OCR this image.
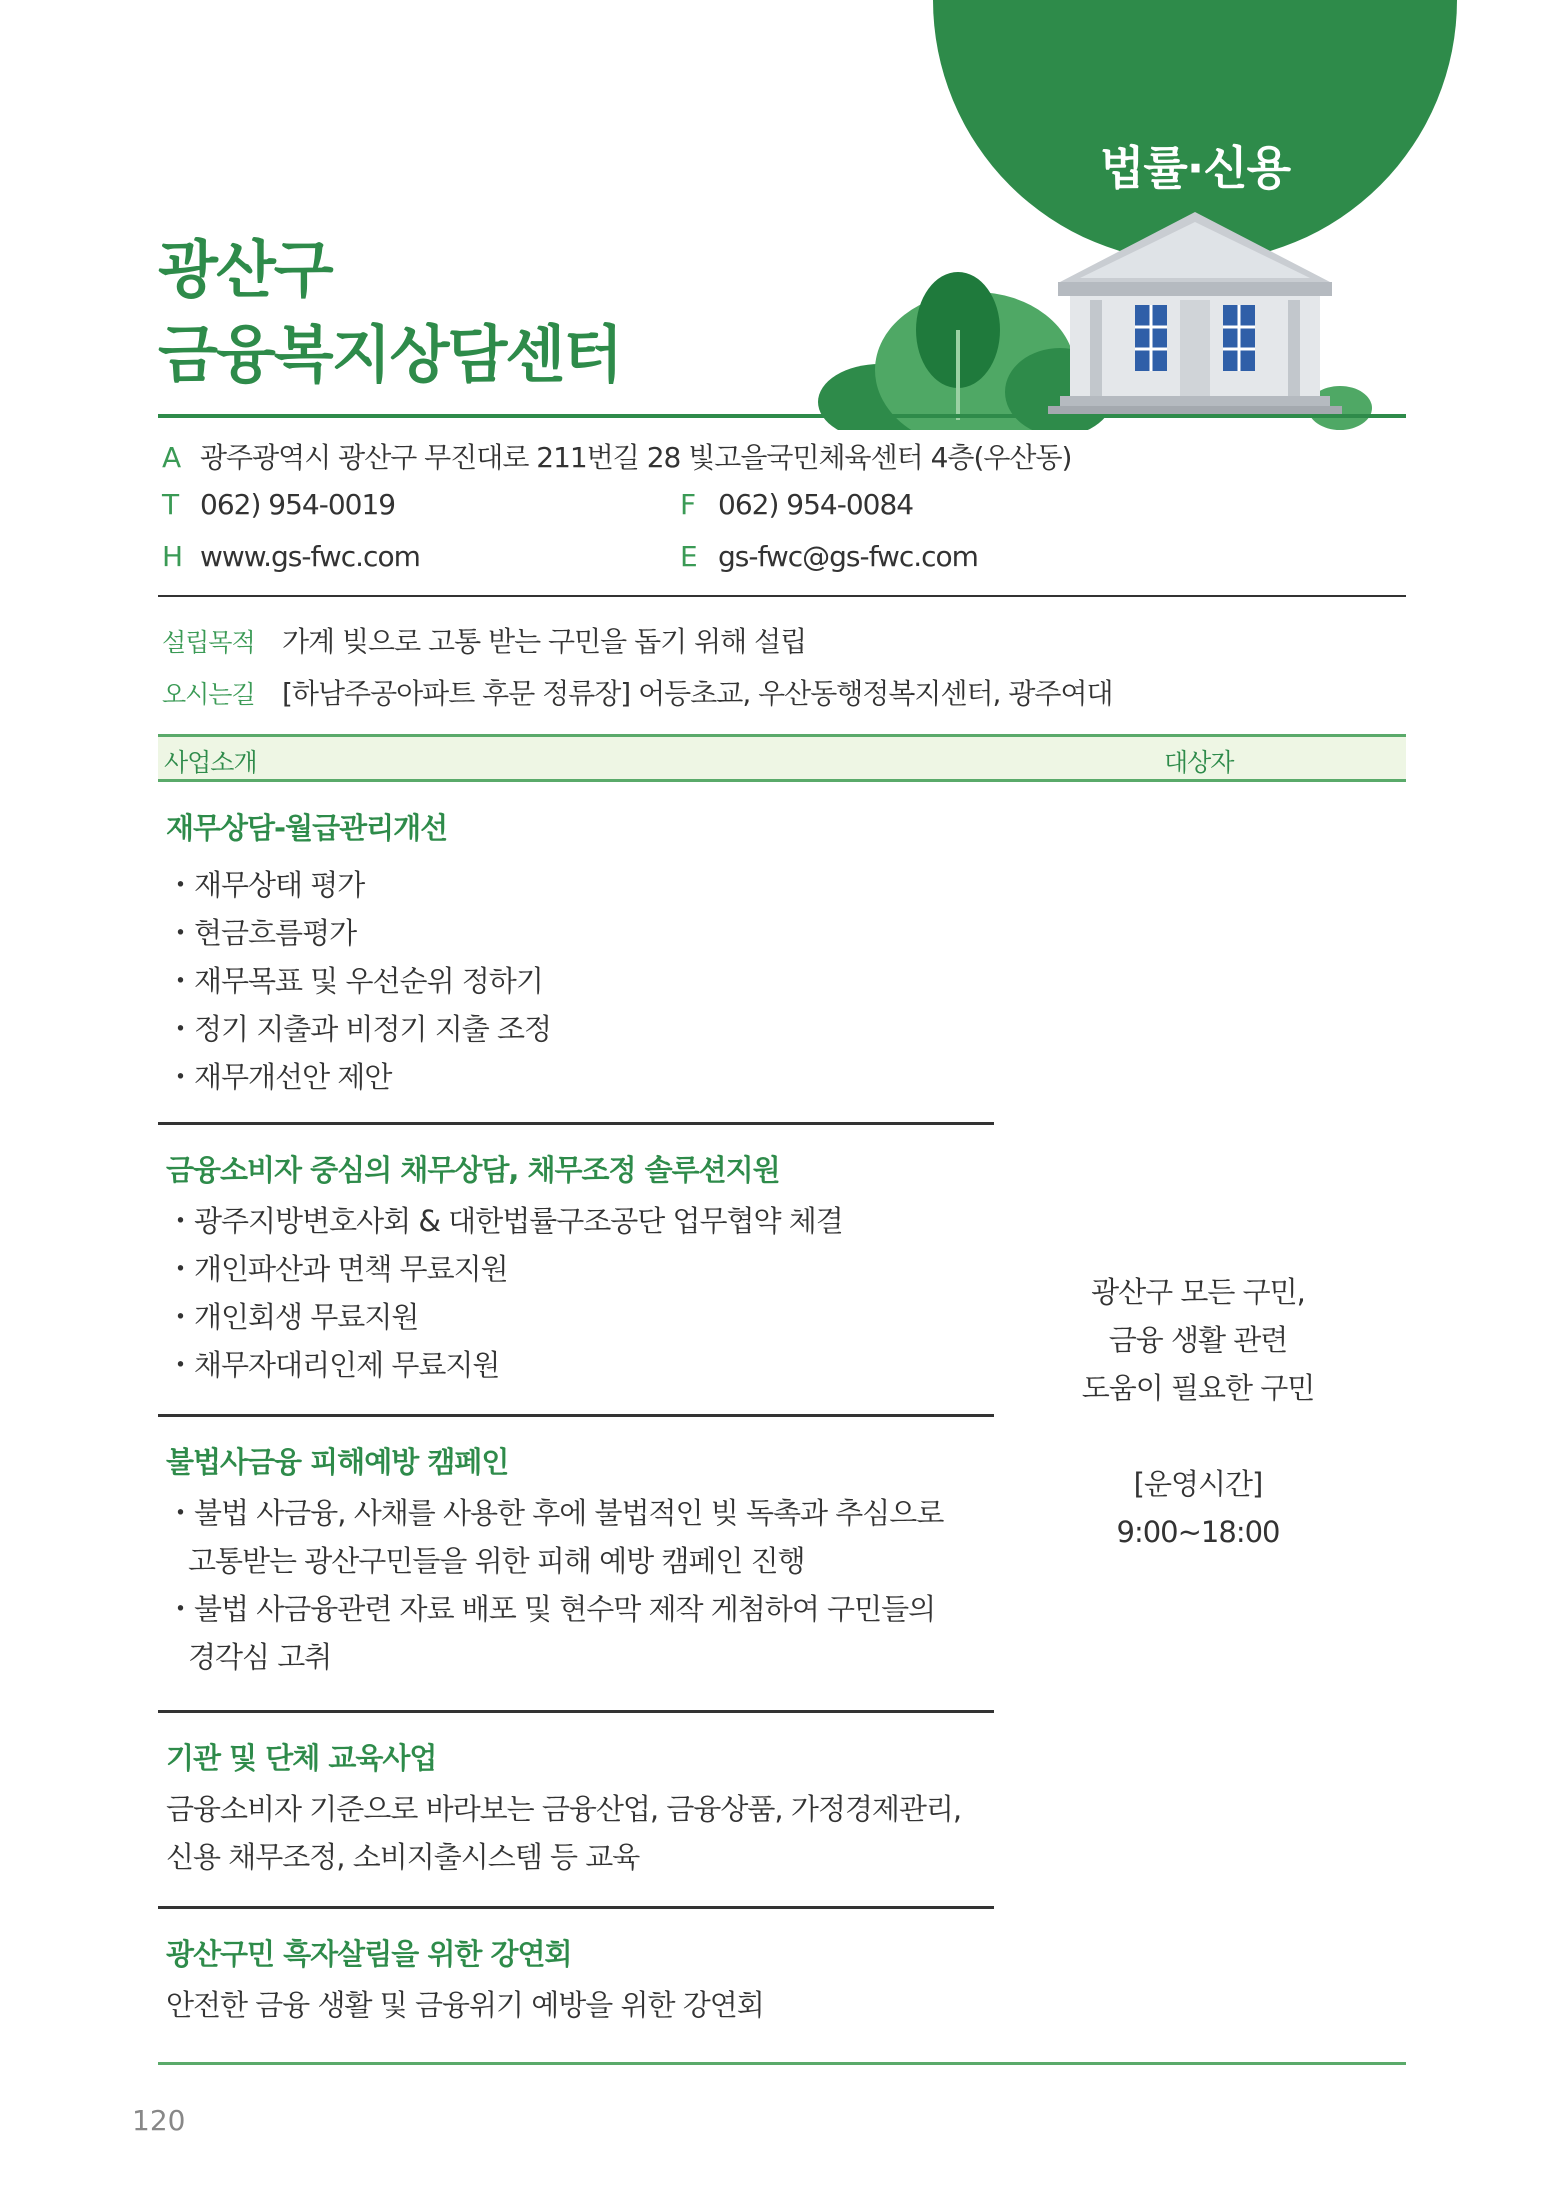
법률·신용
광산구
금융복지상담센터
A 광주광역시 광산구 무진대로 211번길 28 빛고을국민체육센터 4층(우산동)
T 062) 954-0019	F 062) 954-0084
H www.gs-fwc.com	E gs-fwc@gs-fwc.com
설립목적 가계 빚으로 고통 받는 구민을 돕기 위해 설립
오시는길 [하남주공아파트 후문 정류장] 어등초교, 우산동행정복지센터, 광주여대
사업소개	대상자
재무상담-월급관리개선
・ 재무상태 평가
・ 현금흐름평가
・ 재무목표 및 우선순위 정하기
・ 정기 지출과 비정기 지출 조정
・ 재무개선안 제안
금융소비자 중심의 채무상담, 채무조정 솔루션지원
・ 광주지방변호사회 & 대한법률구조공단 업무협약 체결
・ 개인파산과 면책 무료지원
・ 개인회생 무료지원
・ 채무자대리인제 무료지원
불법사금융 피해예방 캠페인
・ 불법 사금융, 사채를 사용한 후에 불법적인 빚 독촉과 추심으로
고통받는 광산구민들을 위한 피해 예방 캠페인 진행
・ 불법 사금융관련 자료 배포 및 현수막 제작 게첨하여 구민들의
경각심 고취
기관 및 단체 교육사업
금융소비자 기준으로 바라보는 금융산업, 금융상품, 가정경제관리,
신용 채무조정, 소비지출시스템 등 교육
광산구민 흑자살림을 위한 강연회
안전한 금융 생활 및 금융위기 예방을 위한 강연회
광산구 모든 구민,
금융 생활 관련
도움이 필요한 구민
[운영시간]
9:00~18:00
120
